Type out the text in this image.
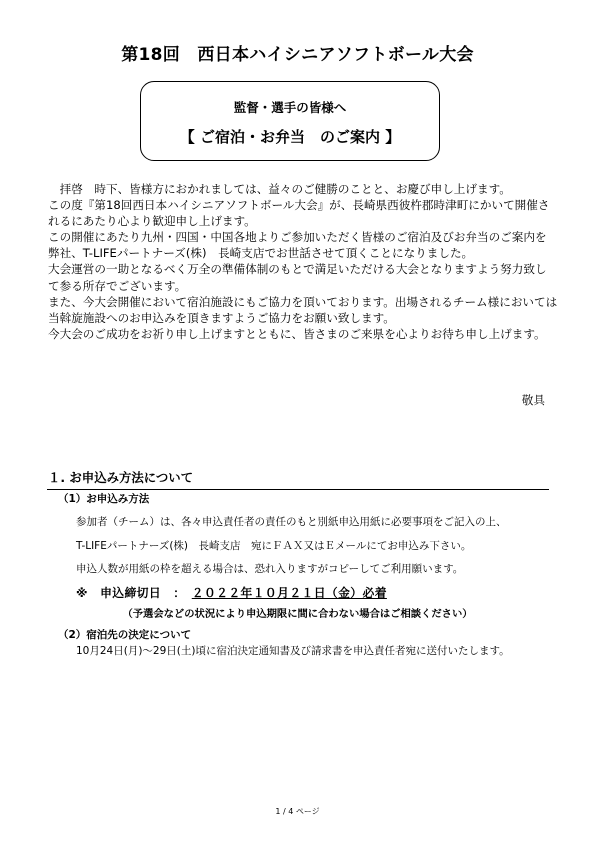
第18回　西日本ハイシニアソフトボール大会
監督・選手の皆様へ
【 ご宿泊・お弁当　のご案内 】

　拝啓　時下、皆様方におかれましては、益々のご健勝のことと、お慶び申し上げます。

この度『第18回西日本ハイシニアソフトボール大会』が、長崎県西彼杵郡時津町にかいて開催されるにあたり心より歓迎申し上げます。

この開催にあたり九州・四国・中国各地よりご参加いただく皆様のご宿泊及びお弁当のご案内を弊社、T-LIFEパートナーズ(株)　長崎支店でお世話させて頂くことになりました。

大会運営の一助となるべく万全の準備体制のもとで満足いただける大会となりますよう努力致して参る所存でございます。

また、今大会開催において宿泊施設にもご協力を頂いております。出場されるチーム様においては当斡旋施設へのお申込みを頂きますようご協力をお願い致します。

今大会のご成功をお祈り申し上げますとともに、皆さまのご来県を心よりお待ち申し上げます。

敬具
１. お申込み方法について
（1）お申込み方法
参加者（チーム）は、各々申込責任者の責任のもと別紙申込用紙に必要事項をご記入の上、
T-LIFEパートナーズ(株)　長崎支店　宛にＦＡＸ又はＥメールにてお申込み下さい。
申込人数が用紙の枠を超える場合は、恐れ入りますがコピーしてご利用願います。
※　申込締切日　：　２０２２年１０月２１日（金）必着
（予選会などの状況により申込期限に間に合わない場合はご相談ください）
（2）宿泊先の決定について
10月24日(月)～29日(土)頃に宿泊決定通知書及び請求書を申込責任者宛に送付いたします。
1 / 4 ページ
